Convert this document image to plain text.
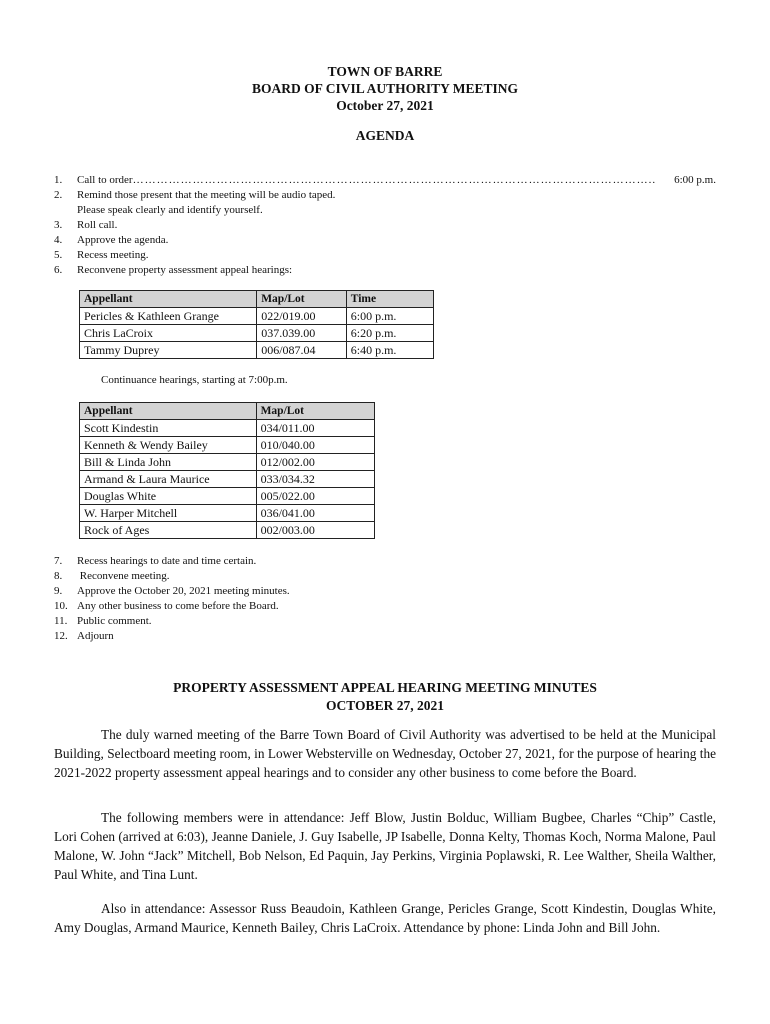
TOWN OF BARRE
BOARD OF CIVIL AUTHORITY MEETING
October 27, 2021
AGENDA
1.	Call to order …………………………………………………………………………………………………………………..	6:00 p.m.
2.	Remind those present that the meeting will be audio taped.
Please speak clearly and identify yourself.
3.	Roll call.
4.	Approve the agenda.
5.	Recess meeting.
6.	Reconvene property assessment appeal hearings:
Appellant	Map/Lot	Time
Pericles & Kathleen Grange	022/019.00	6:00 p.m.
Chris LaCroix	037.039.00	6:20 p.m.
Tammy Duprey	006/087.04	6:40 p.m.
Continuance hearings, starting at 7:00p.m.
Appellant	Map/Lot
Scott Kindestin	034/011.00
Kenneth & Wendy Bailey	010/040.00
Bill & Linda John	012/002.00
Armand & Laura Maurice	033/034.32
Douglas White	005/022.00
W. Harper Mitchell	036/041.00
Rock of Ages	002/003.00
7.	Recess hearings to date and time certain.
8.	Reconvene meeting.
9.	Approve the October 20, 2021 meeting minutes.
10. Any other business to come before the Board.
11. Public comment.
12. Adjourn
PROPERTY ASSESSMENT APPEAL HEARING MEETING MINUTES
OCTOBER 27, 2021

The duly warned meeting of the Barre Town Board of Civil Authority was advertised to be held at the Municipal Building, Selectboard meeting room, in Lower Websterville on Wednesday, October 27, 2021, for the purpose of hearing the 2021-2022 property assessment appeal hearings and to consider any other business to come before the Board.

The following members were in attendance: Jeff Blow, Justin Bolduc, William Bugbee, Charles “Chip” Castle, Lori Cohen (arrived at 6:03), Jeanne Daniele, J. Guy Isabelle, JP Isabelle, Donna Kelty, Thomas Koch, Norma Malone, Paul Malone, W. John “Jack” Mitchell, Bob Nelson, Ed Paquin, Jay Perkins, Virginia Poplawski, R. Lee Walther, Sheila Walther, Paul White, and Tina Lunt.

Also in attendance: Assessor Russ Beaudoin, Kathleen Grange, Pericles Grange, Scott Kindestin, Douglas White, Amy Douglas, Armand Maurice, Kenneth Bailey, Chris LaCroix. Attendance by phone: Linda John and Bill John.
